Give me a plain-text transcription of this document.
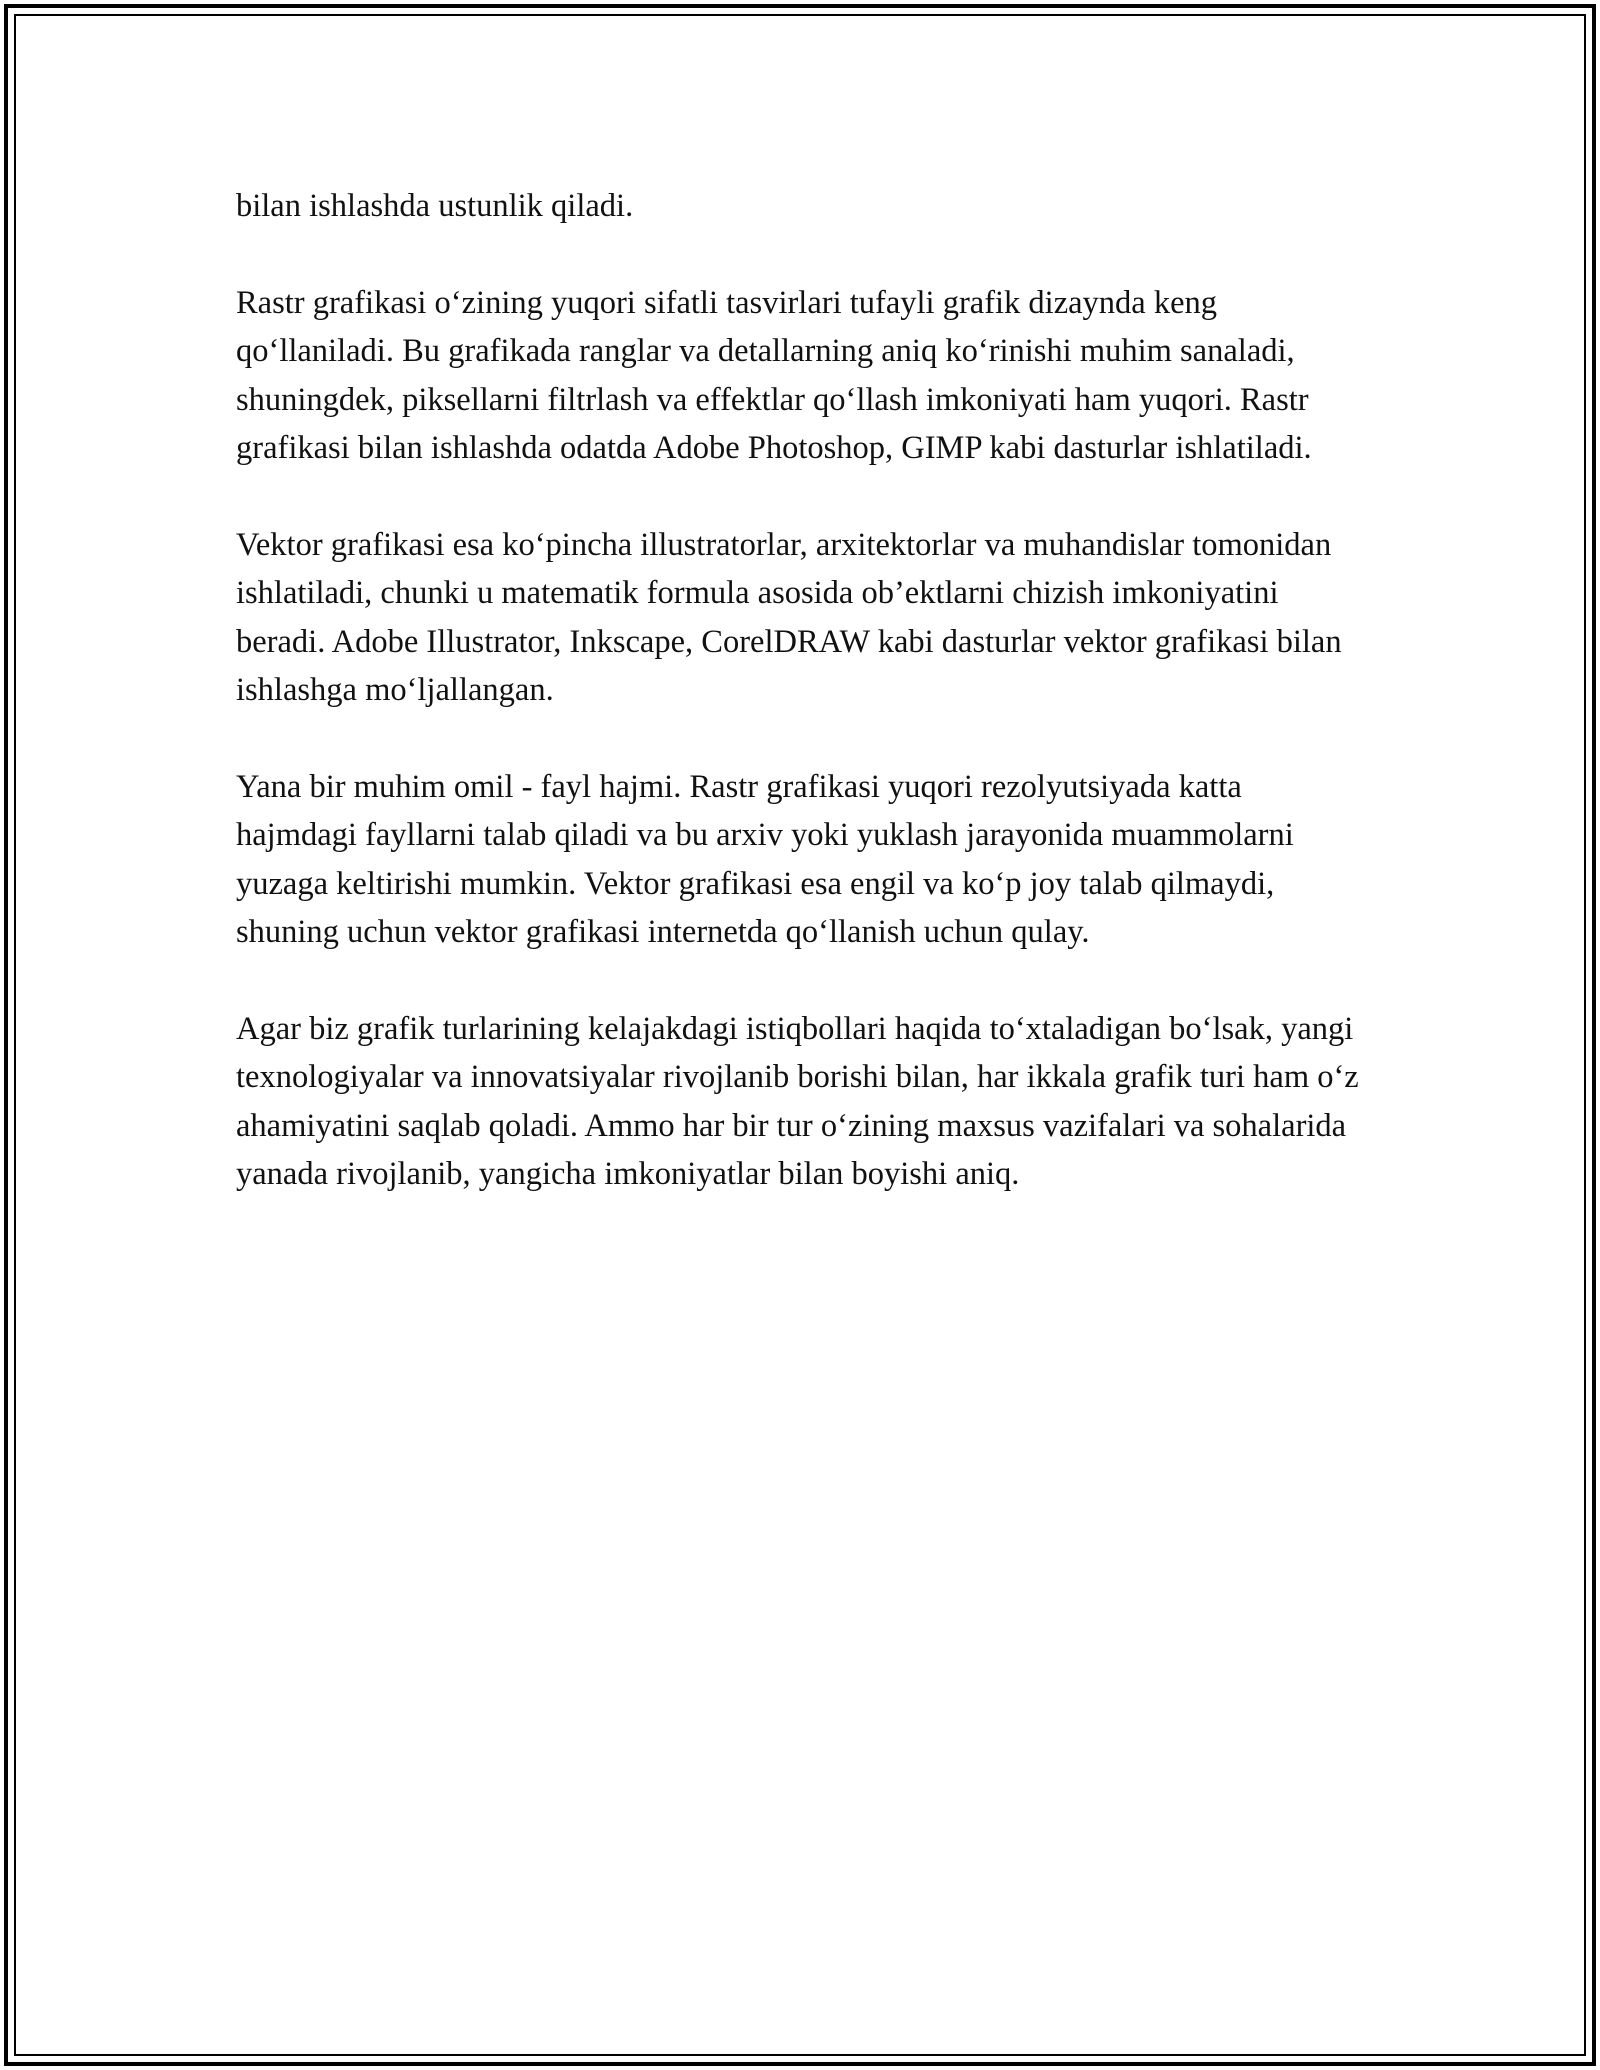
bilan ishlashda ustunlik qiladi.

Rastr grafikasi o‘zining yuqori sifatli tasvirlari tufayli grafik dizaynda keng qo‘llaniladi. Bu grafikada ranglar va detallarning aniq ko‘rinishi muhim sanaladi, shuningdek, piksellarni filtrlash va effektlar qo‘llash imkoniyati ham yuqori. Rastr grafikasi bilan ishlashda odatda Adobe Photoshop, GIMP kabi dasturlar ishlatiladi.

Vektor grafikasi esa ko‘pincha illustratorlar, arxitektorlar va muhandislar tomonidan ishlatiladi, chunki u matematik formula asosida ob’ektlarni chizish imkoniyatini beradi. Adobe Illustrator, Inkscape, CorelDRAW kabi dasturlar vektor grafikasi bilan ishlashga mo‘ljallangan.

Yana bir muhim omil - fayl hajmi. Rastr grafikasi yuqori rezolyutsiyada katta hajmdagi fayllarni talab qiladi va bu arxiv yoki yuklash jarayonida muammolarni yuzaga keltirishi mumkin. Vektor grafikasi esa engil va ko‘p joy talab qilmaydi, shuning uchun vektor grafikasi internetda qo‘llanish uchun qulay.

Agar biz grafik turlarining kelajakdagi istiqbollari haqida to‘xtaladigan bo‘lsak, yangi texnologiyalar va innovatsiyalar rivojlanib borishi bilan, har ikkala grafik turi ham o‘z ahamiyatini saqlab qoladi. Ammo har bir tur o‘zining maxsus vazifalari va sohalarida yanada rivojlanib, yangicha imkoniyatlar bilan boyishi aniq.
